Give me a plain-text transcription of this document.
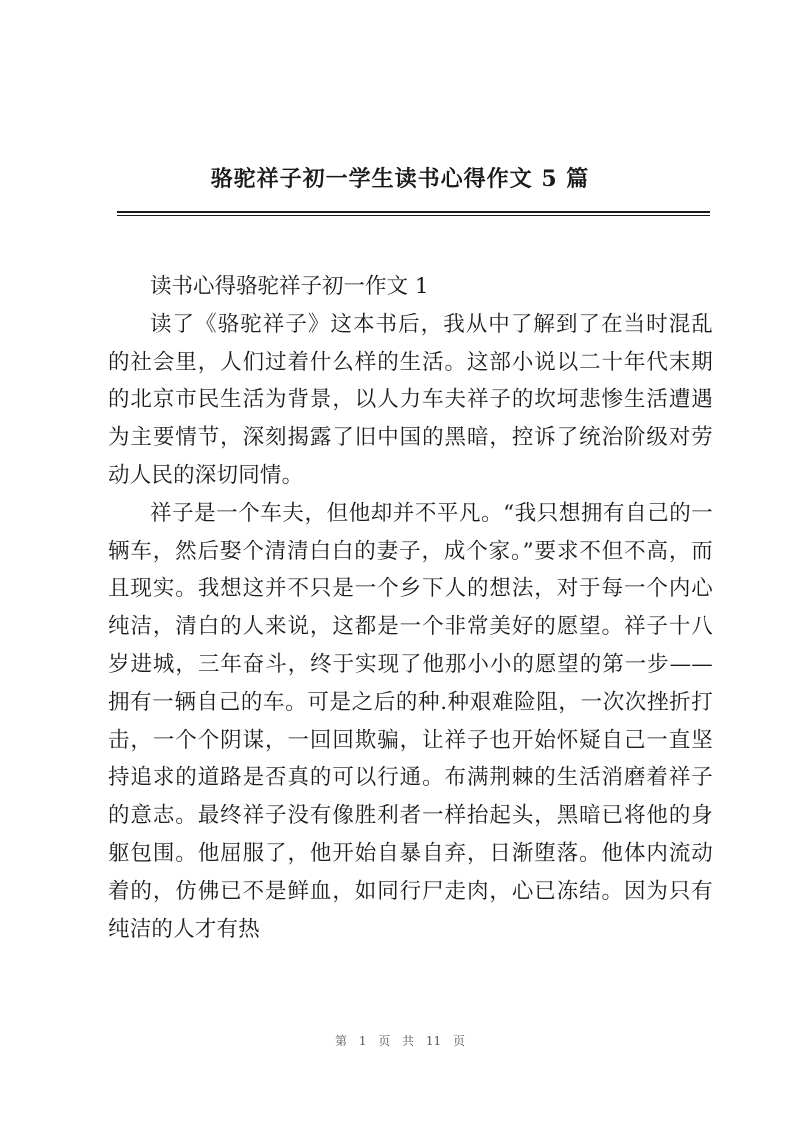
骆驼祥子初一学生读书心得作文 5 篇

读书心得骆驼祥子初一作文 1

读了《骆驼祥子》这本书后，我从中了解到了在当时混乱的社会里，人们过着什么样的生活。这部小说以二十年代末期的北京市民生活为背景，以人力车夫祥子的坎坷悲惨生活遭遇为主要情节，深刻揭露了旧中国的黑暗，控诉了统治阶级对劳动人民的深切同情。

祥子是一个车夫，但他却并不平凡。“我只想拥有自己的一辆车，然后娶个清清白白的妻子，成个家。”要求不但不高，而且现实。我想这并不只是一个乡下人的想法，对于每一个内心纯洁，清白的人来说，这都是一个非常美好的愿望。祥子十八岁进城，三年奋斗，终于实现了他那小小的愿望的第一步——拥有一辆自己的车。可是之后的种.种艰难险阻，一次次挫折打击，一个个阴谋，一回回欺骗，让祥子也开始怀疑自己一直坚持追求的道路是否真的可以行通。布满荆棘的生活消磨着祥子的意志。最终祥子没有像胜利者一样抬起头，黑暗已将他的身躯包围。他屈服了，他开始自暴自弃，日渐堕落。他体内流动着的，仿佛已不是鲜血，如同行尸走肉，心已冻结。因为只有纯洁的人才有热

第 1 页 共 11 页
